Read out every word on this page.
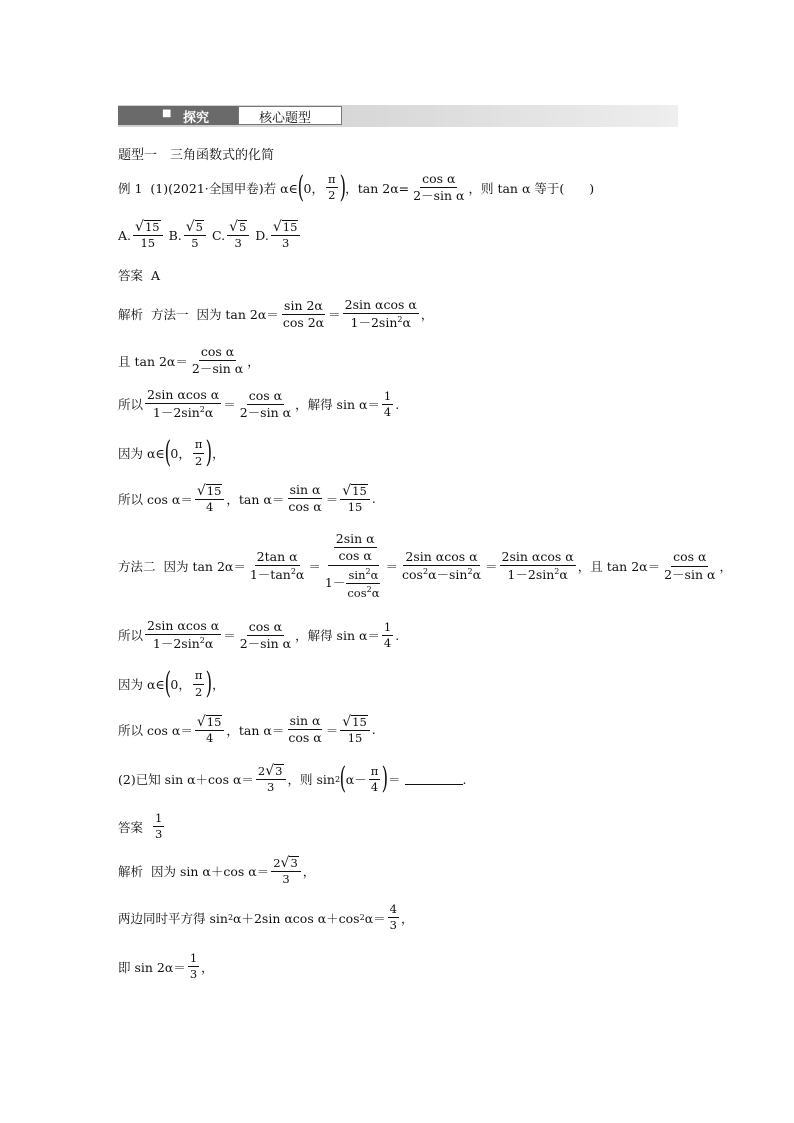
■ 探究	核心题型
题型一　三角函数式的化简
例 1
(1)(2021·全国甲卷)若 α∈ ( 0， $\frac{\pi}{2}$ ) ，$\tan 2\alpha= \frac{\text{cos α}}{\text{2－sin α}}$ ，则 tan α 等于(　　)
A. $\frac{√ 15}{15}$
B. $\frac{√ 5}{5}$
C. $\frac{√ 5}{3}$
D. $\frac{√ 15}{3}$
答案
A
解析
方法一
因为 $\tan 2\alpha= \frac{\sin 2\alpha}{\cos 2\alpha} = \frac{\text{2sin αcos α}}{1-2\sin^2\alpha}$ ，
且 $\tan 2\alpha= \frac{\text{cos α}}{\text{2－sin α}}$ ，
所以 $\frac{\text{2sin αcos α}}{1-2\sin^2\alpha} = \frac{\text{cos α}}{\text{2－sin α}}$ ，解得 $\sin \alpha= \frac{1}{4}$ .
因为 α∈ ( 0， $\frac{\pi}{2}$ ) ，
所以 $\cos \alpha= \frac{√ 15}{4}$ ，$\tan \alpha= \frac{\text{sin α}}{\text{cos α}} = \frac{√ 15}{15}$ .
方法二
因为 $\tan 2\alpha= \frac{\text{2tan α}}{1-\tan^2\alpha}$ ＝
$\frac{\frac{\text{2sin α}}{\text{cos α}}}{1- \frac{\sin^2\alpha}{\cos^2\alpha}} = \frac{\text{2sin αcos α}}{\cos^2\alpha-\sin^2\alpha} = \frac{\text{2sin αcos α}}{1-2\sin^2\alpha}$ ，且 $\tan 2\alpha= \frac{\text{cos α}}{\text{2－sin α}}$ ，
所以 $\frac{\text{2sin αcos α}}{1-2\sin^2\alpha} = \frac{\text{cos α}}{\text{2－sin α}}$ ，解得 $\sin \alpha= \frac{1}{4}$ .
因为 α∈ ( 0， $\frac{\pi}{2}$ ) ，
所以 $\cos \alpha= \frac{√ 15}{4}$ ，$\tan \alpha= \frac{\text{sin α}}{\text{cos α}} = \frac{√ 15}{15}$ .
(2)已知 sin α＋cos $\alpha= \frac{2 √ 3}{3}$ ，则 sin 2 ( $\alpha- \frac{\pi}{4}$ ) ＝	.
答案
$\frac{1}{3}$
解析
因为 sin α＋cos $\alpha= \frac{2 √ 3}{3}$ ，
两边同时平方得 sin 2 α＋2sin αcos α＋cos 2 $\alpha= \frac{4}{3}$ ，
即 $\sin 2\alpha= \frac{1}{3}$ ，
